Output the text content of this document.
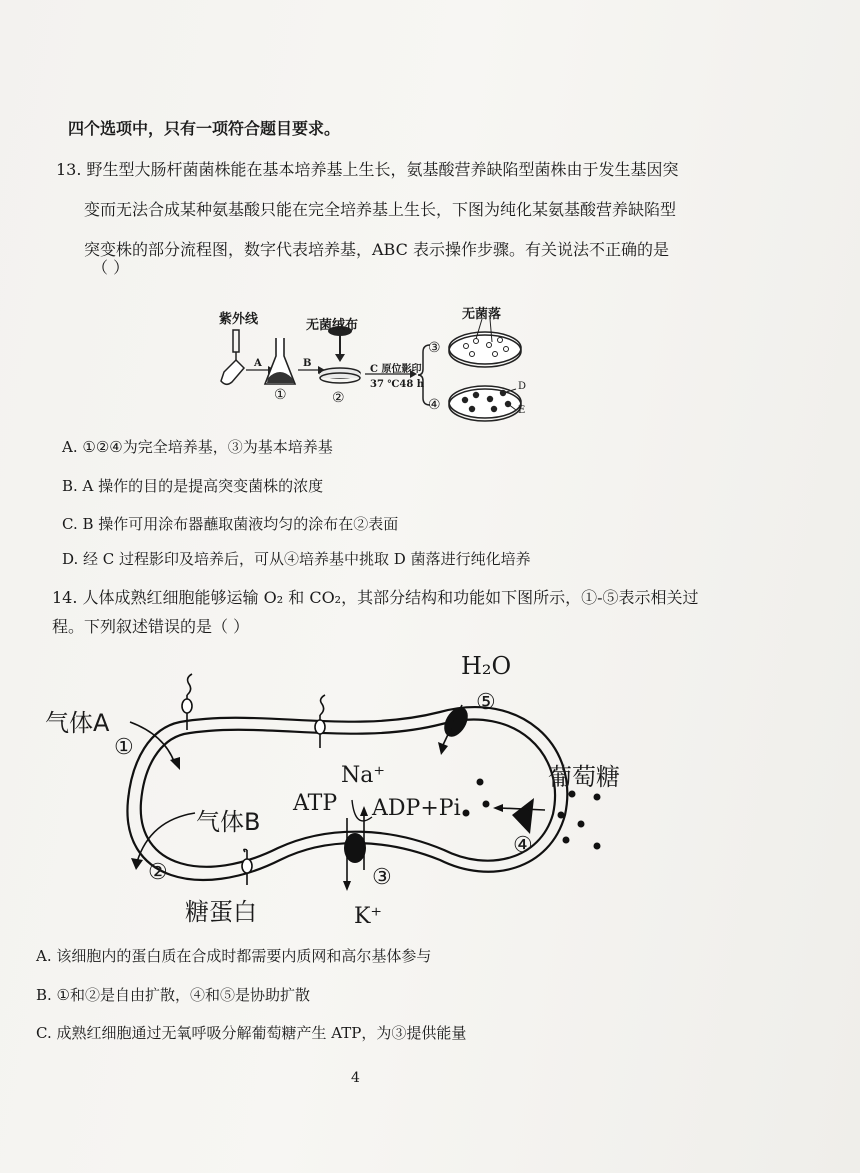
四个选项中，只有一项符合题目要求。
13. 野生型大肠杆菌菌株能在基本培养基上生长，氨基酸营养缺陷型菌株由于发生基因突
变而无法合成某种氨基酸只能在完全培养基上生长，下图为纯化某氨基酸营养缺陷型
突变株的部分流程图，数字代表培养基，ABC 表示操作步骤。有关说法不正确的是
（ ）
紫外线	无菌绒布
无菌落
A	B
C 原位影印
37 ℃48 h
①	②
③
④
D
E
A. ①②④为完全培养基，③为基本培养基
B. A 操作的目的是提高突变菌株的浓度
C. B 操作可用涂布器蘸取菌液均匀的涂布在②表面
D. 经 C 过程影印及培养后，可从④培养基中挑取 D 菌落进行纯化培养
14. 人体成熟红细胞能够运输 O₂ 和 CO₂，其部分结构和功能如下图所示，①-⑤表示相关过
程。下列叙述错误的是（ ）
气体A
①
气体B
②
糖蛋白
H₂O
⑤
葡萄糖
④
Na⁺
ATP ADP+Pi
③
K⁺
A. 该细胞内的蛋白质在合成时都需要内质网和高尔基体参与
B. ①和②是自由扩散，④和⑤是协助扩散
C. 成熟红细胞通过无氧呼吸分解葡萄糖产生 ATP，为③提供能量
4
